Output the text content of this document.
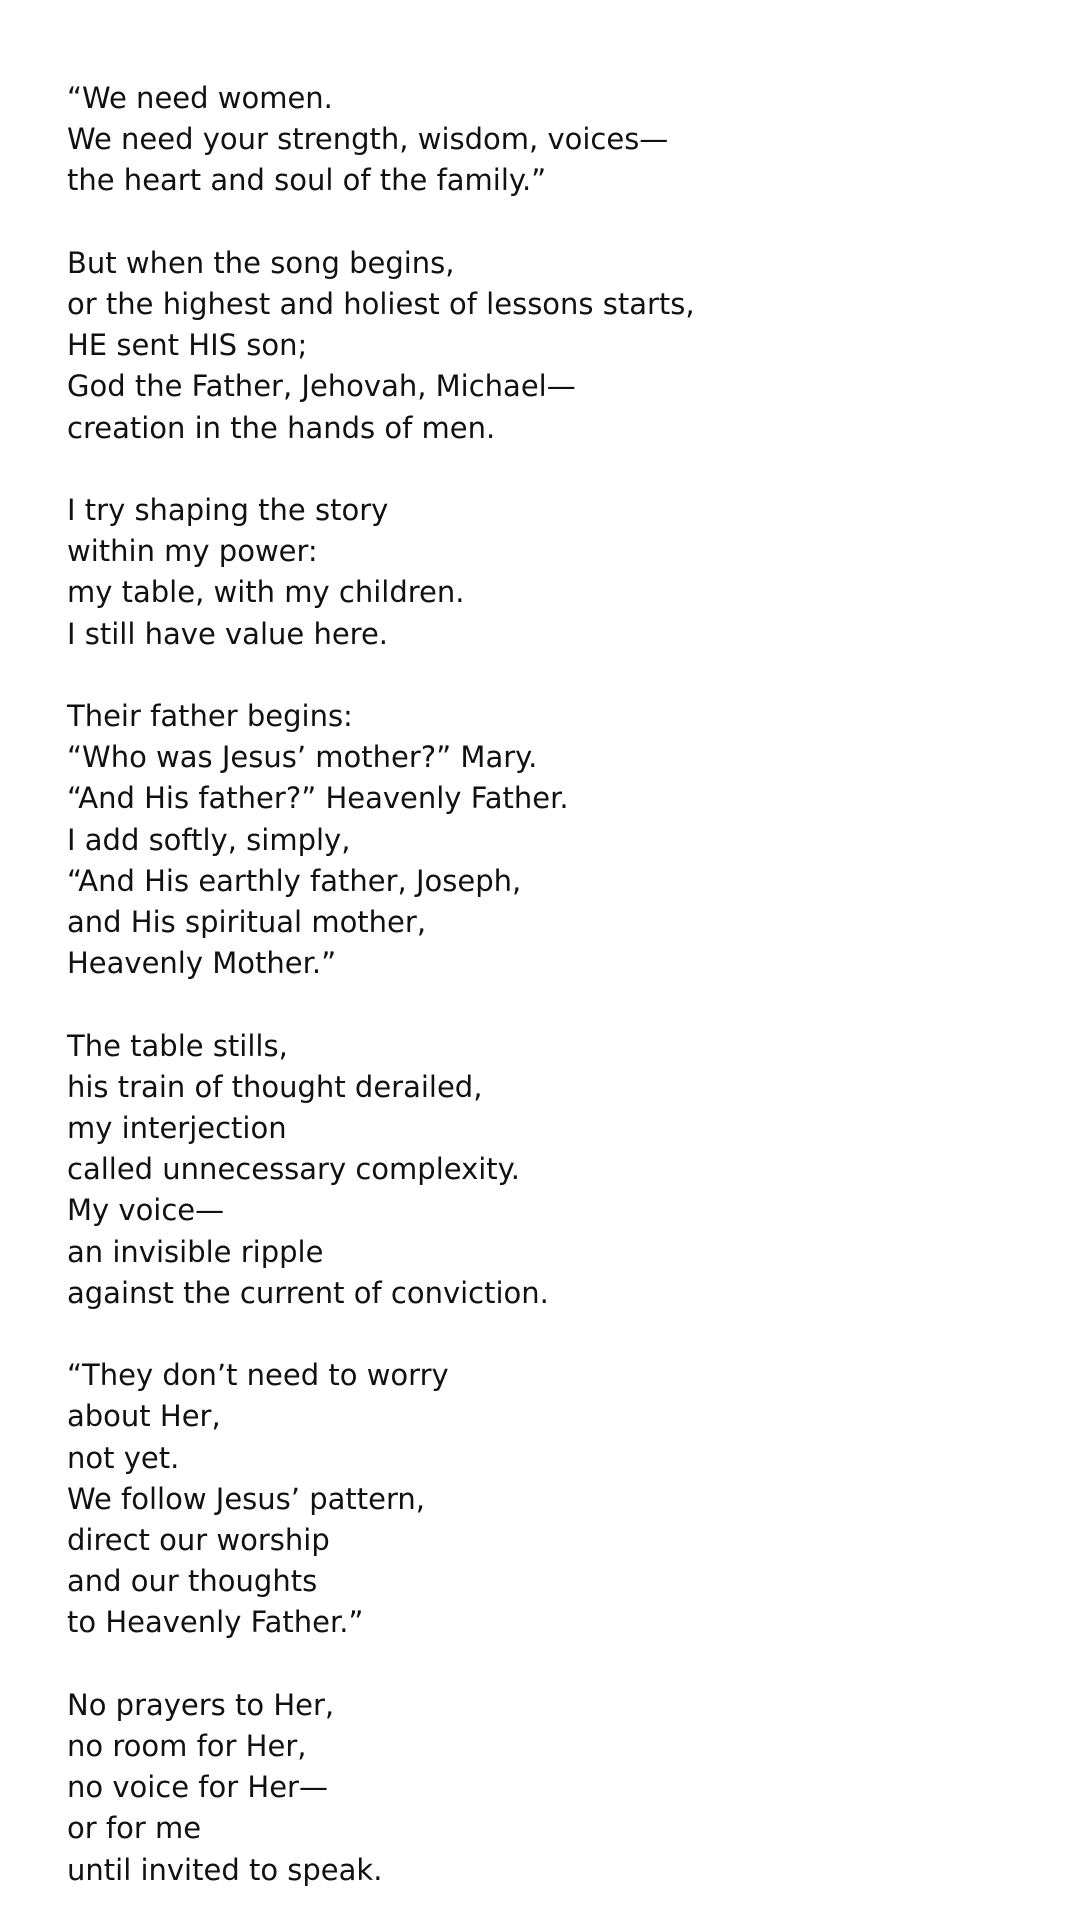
“We need women.
We need your strength, wisdom, voices—
the heart and soul of the family.”
But when the song begins,
or the highest and holiest of lessons starts,
HE sent HIS son;
God the Father, Jehovah, Michael—
creation in the hands of men.
I try shaping the story
within my power:
my table, with my children.
I still have value here.
Their father begins:
“Who was Jesus’ mother?” Mary.
“And His father?” Heavenly Father.
I add softly, simply,
“And His earthly father, Joseph,
and His spiritual mother,
Heavenly Mother.”
The table stills,
his train of thought derailed,
my interjection
called unnecessary complexity.
My voice—
an invisible ripple
against the current of conviction.
“They don’t need to worry
about Her,
not yet.
We follow Jesus’ pattern,
direct our worship
and our thoughts
to Heavenly Father.”
No prayers to Her,
no room for Her,
no voice for Her—
or for me
until invited to speak.
